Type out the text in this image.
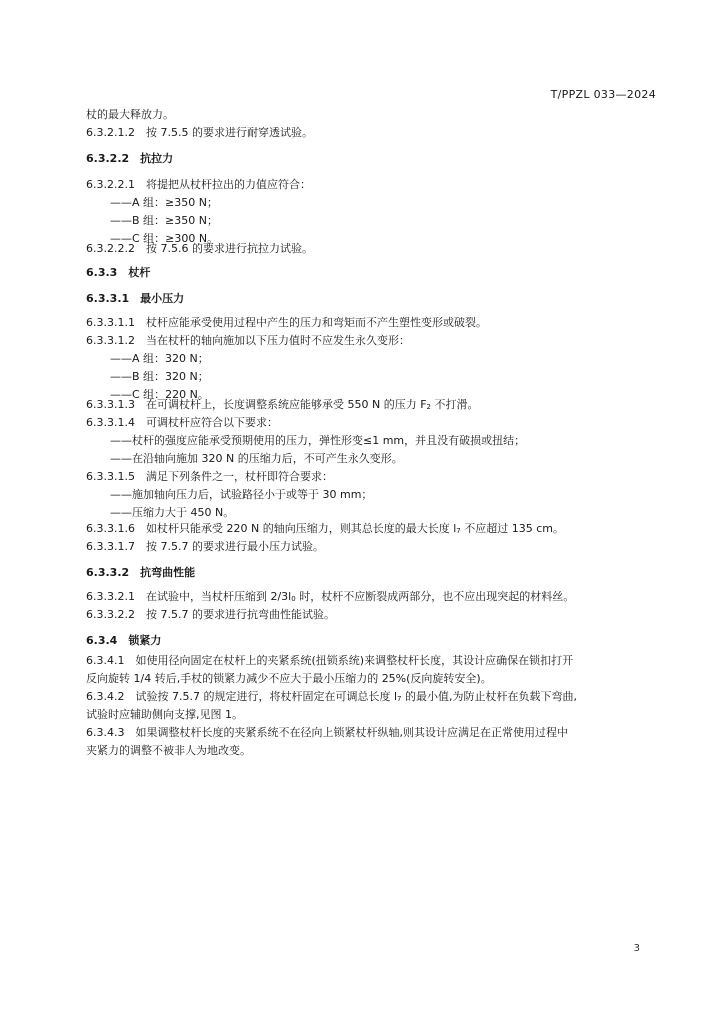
T/PPZL 033—2024
杖的最大释放力。
6.3.2.1.2　按 7.5.5 的要求进行耐穿透试验。
6.3.2.2　抗拉力
6.3.2.2.1　将提把从杖杆拉出的力值应符合：
——A 组：≥350 N；
——B 组：≥350 N；
——C 组：≥300 N。
6.3.2.2.2　按 7.5.6 的要求进行抗拉力试验。
6.3.3　杖杆
6.3.3.1　最小压力
6.3.3.1.1　杖杆应能承受使用过程中产生的压力和弯矩而不产生塑性变形或破裂。
6.3.3.1.2　当在杖杆的轴向施加以下压力值时不应发生永久变形：
——A 组：320 N；
——B 组：320 N；
——C 组：220 N。
6.3.3.1.3　在可调杖杆上，长度调整系统应能够承受 550 N 的压力 $F_2$ 不打滑。
6.3.3.1.4　可调杖杆应符合以下要求：
——杖杆的强度应能承受预期使用的压力，弹性形变≤1 mm，并且没有破损或扭结；
——在沿轴向施加 320 N 的压缩力后，不可产生永久变形。
6.3.3.1.5　满足下列条件之一，杖杆即符合要求：
——施加轴向压力后，试验路径小于或等于 30 mm；
——压缩力大于 450 N。
6.3.3.1.6　如杖杆只能承受 220 N 的轴向压缩力，则其总长度的最大长度 $l_7$ 不应超过 135 cm。
6.3.3.1.7　按 7.5.7 的要求进行最小压力试验。
6.3.3.2　抗弯曲性能
6.3.3.2.1　在试验中，当杖杆压缩到 $2/3l_0$ 时，杖杆不应断裂成两部分，也不应出现突起的材料丝。
6.3.3.2.2　按 7.5.7 的要求进行抗弯曲性能试验。
6.3.4　锁紧力
6.3.4.1　如使用径向固定在杖杆上的夹紧系统(扭锁系统)来调整杖杆长度，其设计应确保在锁扣打开
反向旋转 1/4 转后,手杖的锁紧力减少不应大于最小压缩力的 25%(反向旋转安全)。
6.3.4.2　试验按 7.5.7 的规定进行，将杖杆固定在可调总长度 $l_7$ 的最小值,为防止杖杆在负载下弯曲,
试验时应辅助侧向支撑,见图 1。
6.3.4.3　如果调整杖杆长度的夹紧系统不在径向上锁紧杖杆纵轴,则其设计应满足在正常使用过程中
夹紧力的调整不被非人为地改变。
3
